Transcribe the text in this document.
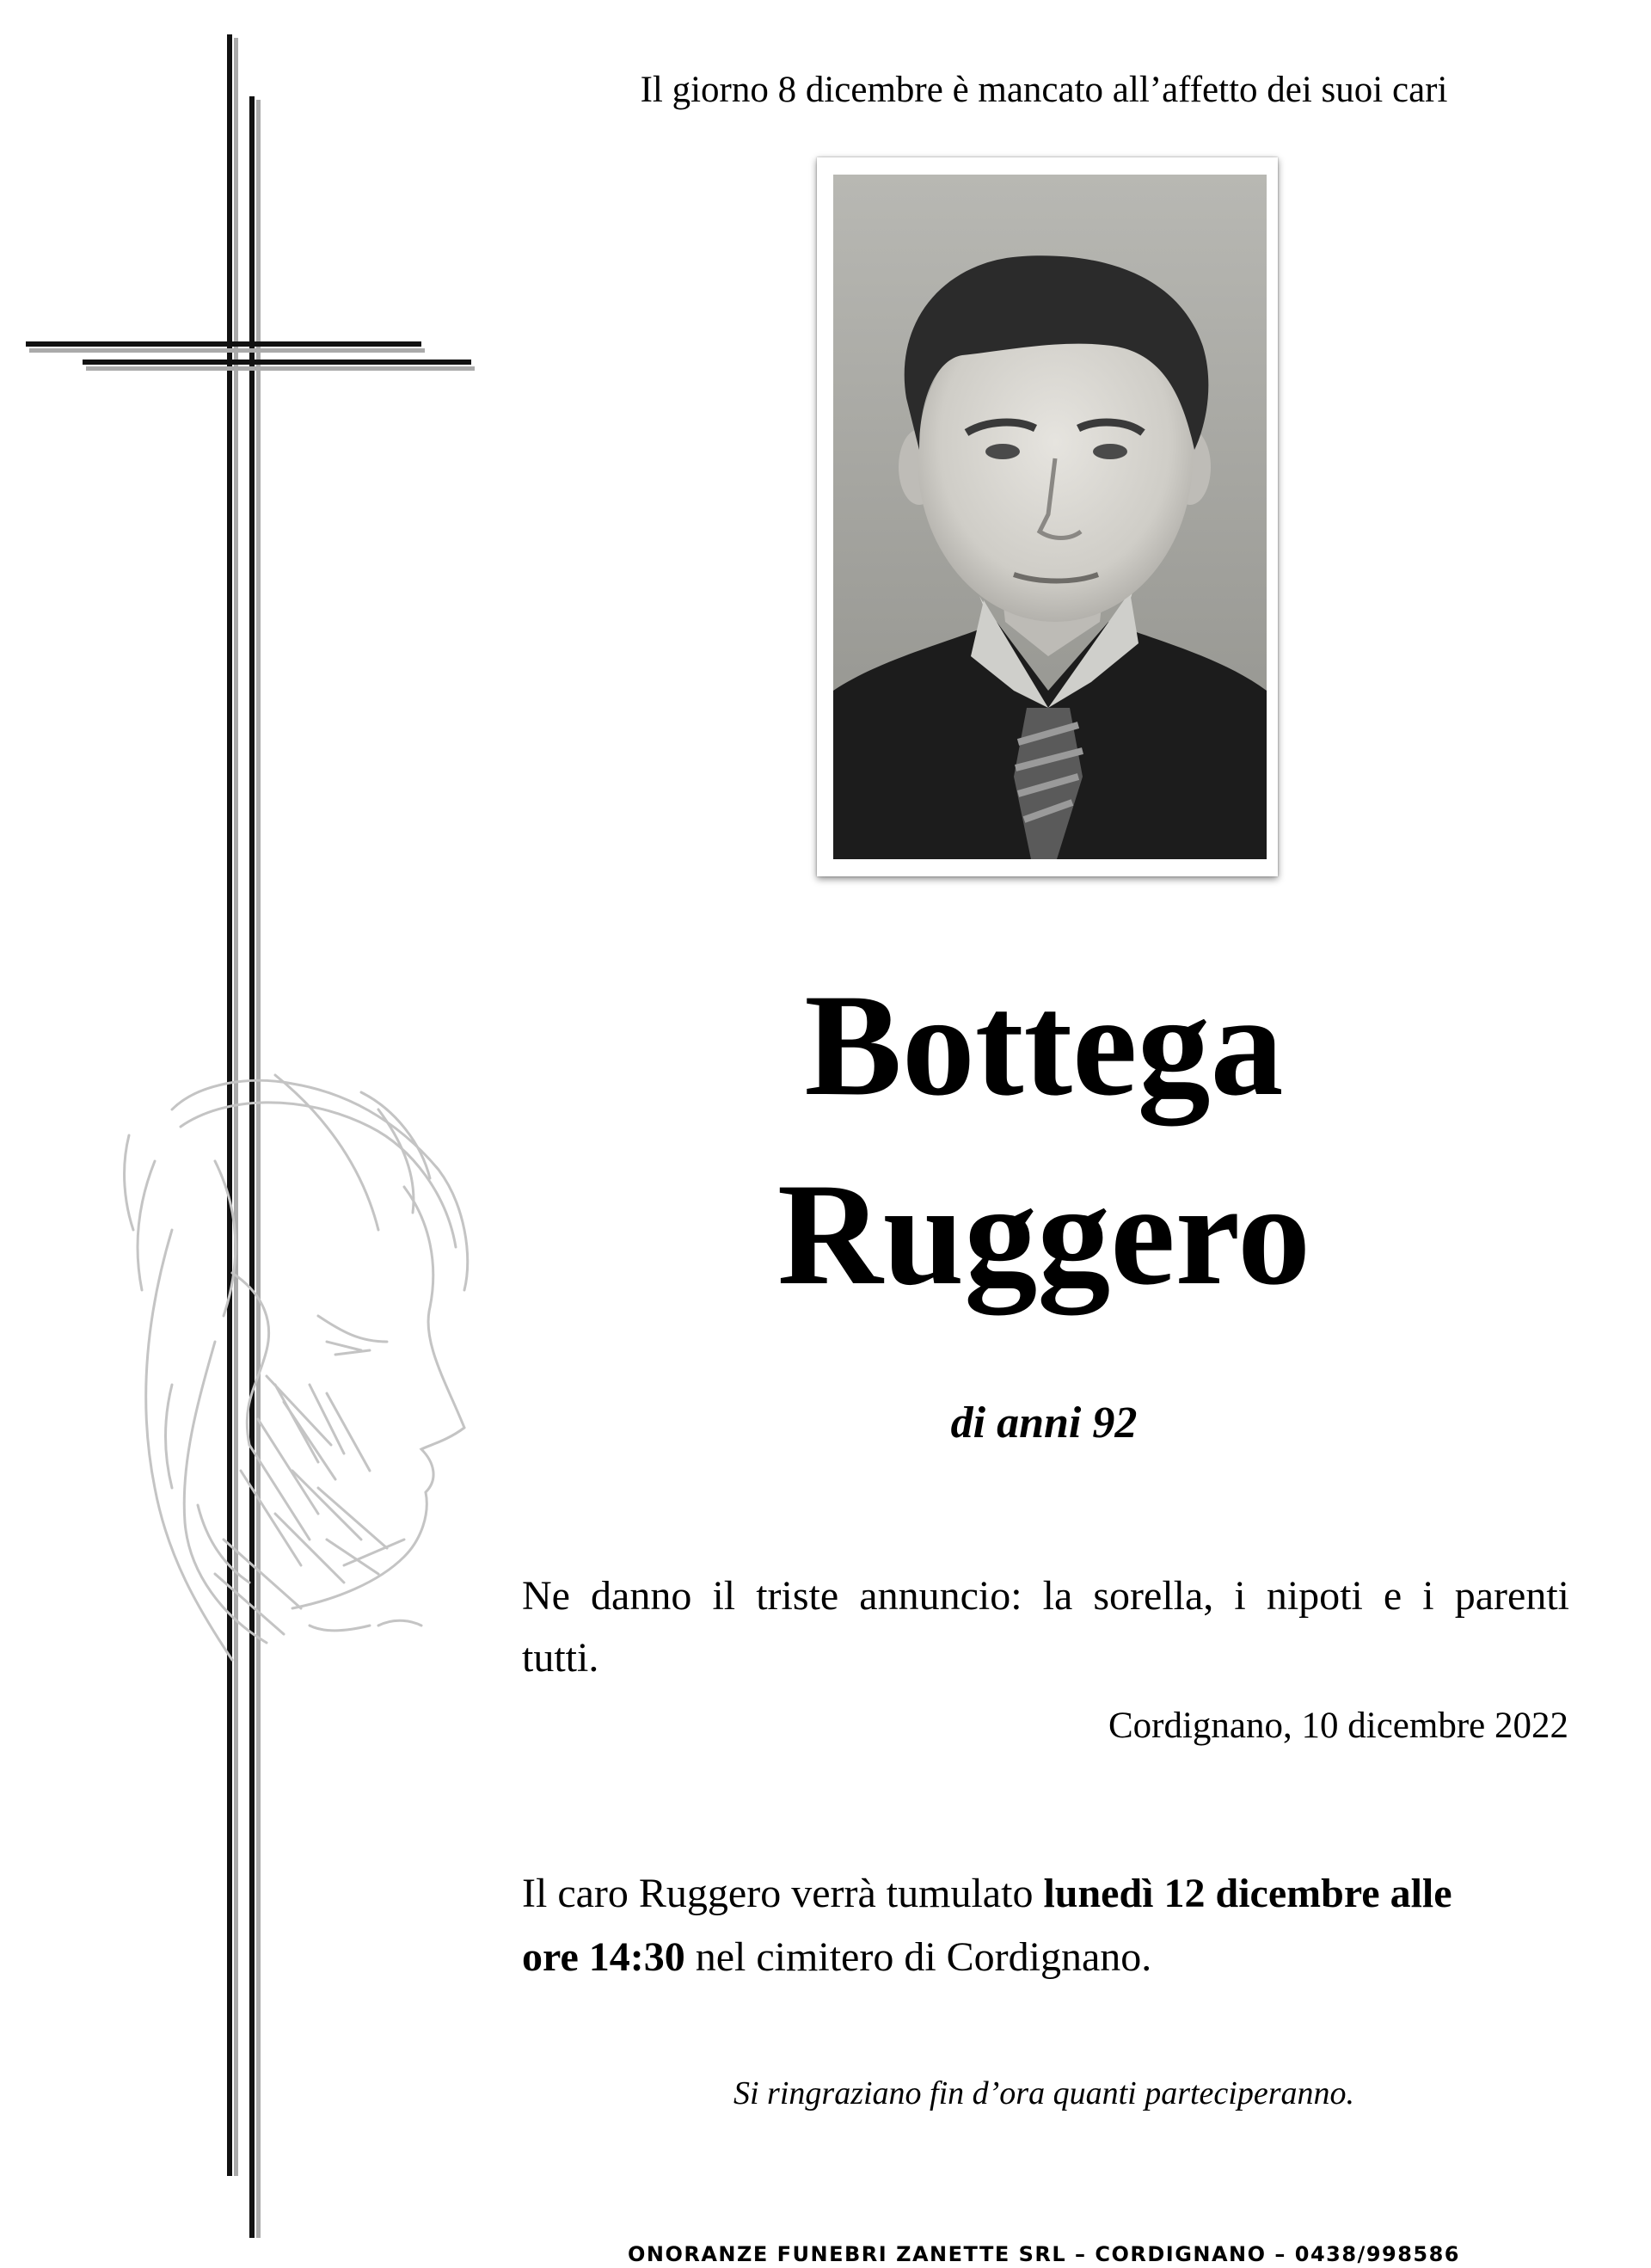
Il giorno 8 dicembre è mancato all’affetto dei suoi cari
Bottega
Ruggero
di anni 92
Ne danno il triste annuncio: la sorella, i nipoti e i parenti
tutti.
Cordignano, 10 dicembre 2022
Il caro Ruggero verrà tumulato lunedì 12 dicembre alle
ore 14:30 nel cimitero di Cordignano.
Si ringraziano fin d’ora quanti parteciperanno.
ONORANZE FUNEBRI ZANETTE SRL – CORDIGNANO – 0438/998586
